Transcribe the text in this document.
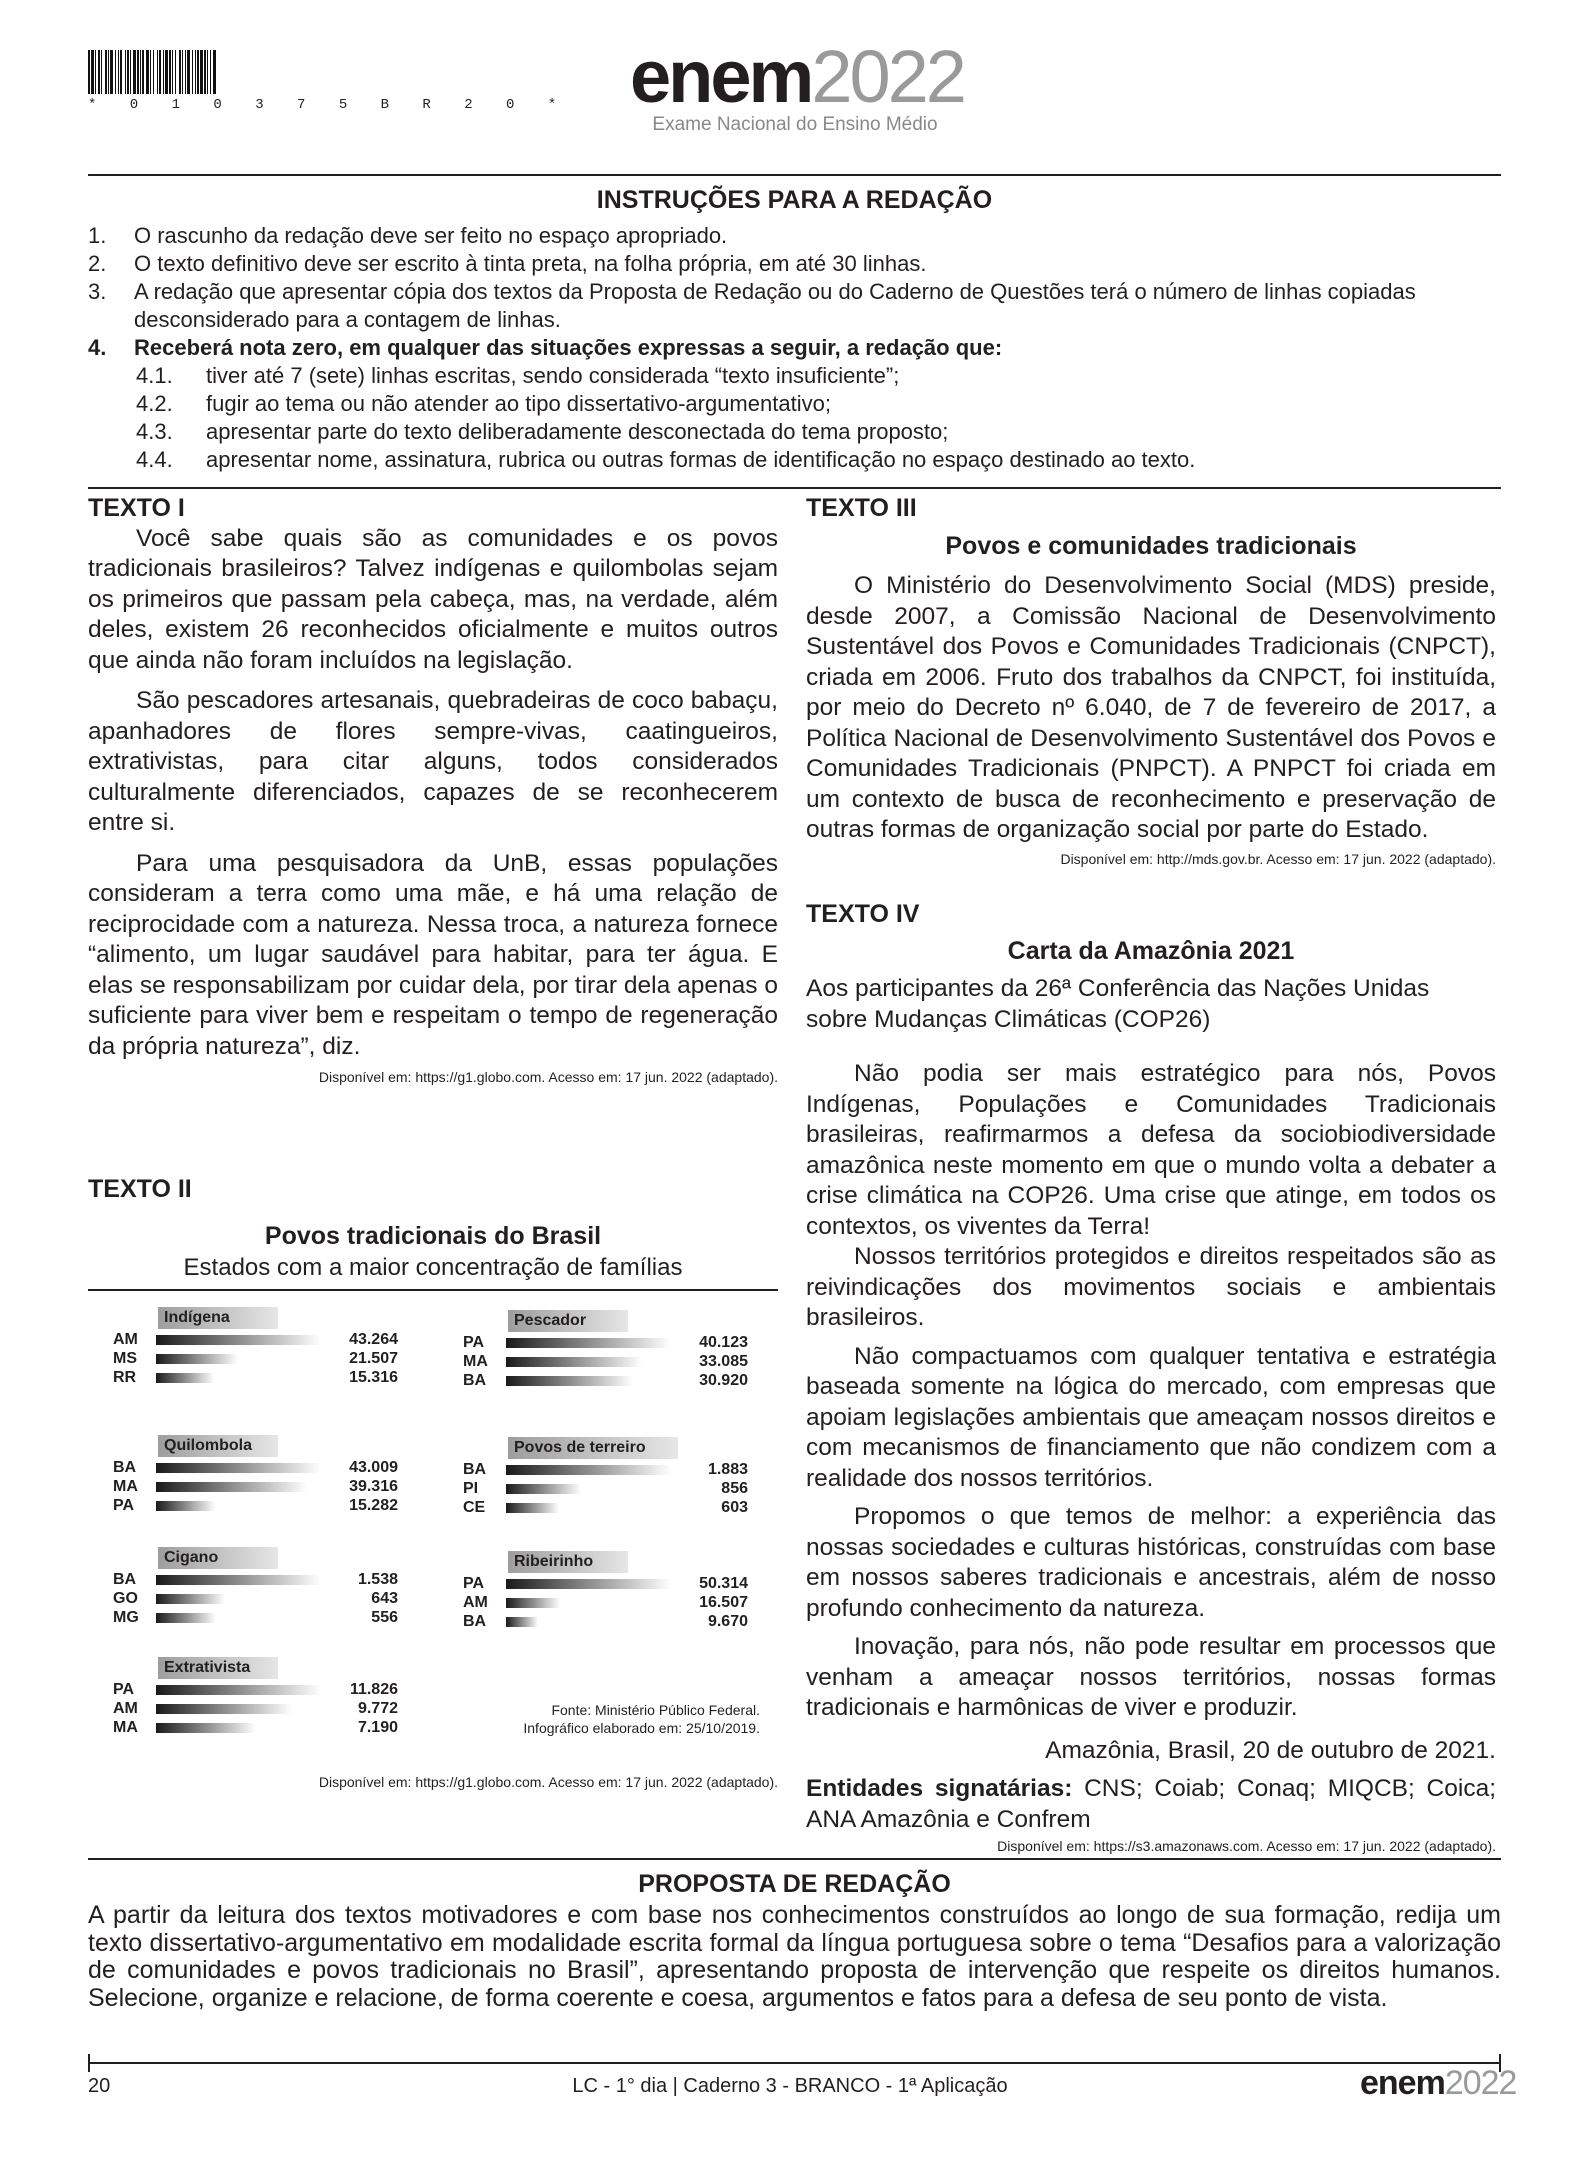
* 0 1 0 3 7 5 B R 2 0 * enem2022
Exame Nacional do Ensino Médio
INSTRUÇÕES PARA A REDAÇÃO
1.	O rascunho da redação deve ser feito no espaço apropriado.
2.	O texto definitivo deve ser escrito à tinta preta, na folha própria, em até 30 linhas.
3.	A redação que apresentar cópia dos textos da Proposta de Redação ou do Caderno de Questões terá o número de linhas copiadas desconsiderado para a contagem de linhas.
4.	Receberá nota zero, em qualquer das situações expressas a seguir, a redação que:
4.1.	tiver até 7 (sete) linhas escritas, sendo considerada “texto insuficiente”;
4.2.	fugir ao tema ou não atender ao tipo dissertativo-argumentativo;
4.3.	apresentar parte do texto deliberadamente desconectada do tema proposto;
4.4.	apresentar nome, assinatura, rubrica ou outras formas de identificação no espaço destinado ao texto.
TEXTO I

Você sabe quais são as comunidades e os povos tradicionais brasileiros? Talvez indígenas e quilombolas sejam os primeiros que passam pela cabeça, mas, na verdade, além deles, existem 26 reconhecidos oficialmente e muitos outros que ainda não foram incluídos na legislação.

São pescadores artesanais, quebradeiras de coco babaçu, apanhadores de flores sempre-vivas, caatingueiros, extrativistas, para citar alguns, todos considerados culturalmente diferenciados, capazes de se reconhecerem entre si.

Para uma pesquisadora da UnB, essas populações consideram a terra como uma mãe, e há uma relação de reciprocidade com a natureza. Nessa troca, a natureza fornece “alimento, um lugar saudável para habitar, para ter água. E elas se responsabilizam por cuidar dela, por tirar dela apenas o suficiente para viver bem e respeitam o tempo de regeneração da própria natureza”, diz.

Disponível em: https://g1.globo.com. Acesso em: 17 jun. 2022 (adaptado).
TEXTO II
Povos tradicionais do Brasil
Estados com a maior concentração de famílias
Indígena
AM	43.264
MS	21.507
RR	15.316
Quilombola
BA	43.009
MA	39.316
PA	15.282
Cigano
BA	1.538
GO	643
MG	556
Extrativista
PA	11.826
AM	9.772
MA	7.190
Pescador
PA	40.123
MA	33.085
BA	30.920
Povos de terreiro
BA	1.883
PI	856
CE	603
Ribeirinho
PA	50.314
AM	16.507
BA	9.670
Fonte: Ministério Público Federal.
Infográfico elaborado em: 25/10/2019.
Disponível em: https://g1.globo.com. Acesso em: 17 jun. 2022 (adaptado).
TEXTO III
Povos e comunidades tradicionais

O Ministério do Desenvolvimento Social (MDS) preside, desde 2007, a Comissão Nacional de Desenvolvimento Sustentável dos Povos e Comunidades Tradicionais (CNPCT), criada em 2006. Fruto dos trabalhos da CNPCT, foi instituída, por meio do Decreto nº 6.040, de 7 de fevereiro de 2017, a Política Nacional de Desenvolvimento Sustentável dos Povos e Comunidades Tradicionais (PNPCT). A PNPCT foi criada em um contexto de busca de reconhecimento e preservação de outras formas de organização social por parte do Estado.

Disponível em: http://mds.gov.br. Acesso em: 17 jun. 2022 (adaptado).
TEXTO IV
Carta da Amazônia 2021

Aos participantes da 26ª Conferência das Nações Unidas sobre Mudanças Climáticas (COP26)

Não podia ser mais estratégico para nós, Povos Indígenas, Populações e Comunidades Tradicionais brasileiras, reafirmarmos a defesa da sociobiodiversidade amazônica neste momento em que o mundo volta a debater a crise climática na COP26. Uma crise que atinge, em todos os contextos, os viventes da Terra!

Nossos territórios protegidos e direitos respeitados são as reivindicações dos movimentos sociais e ambientais brasileiros.

Não compactuamos com qualquer tentativa e estratégia baseada somente na lógica do mercado, com empresas que apoiam legislações ambientais que ameaçam nossos direitos e com mecanismos de financiamento que não condizem com a realidade dos nossos territórios.

Propomos o que temos de melhor: a experiência das nossas sociedades e culturas históricas, construídas com base em nossos saberes tradicionais e ancestrais, além de nosso profundo conhecimento da natureza.

Inovação, para nós, não pode resultar em processos que venham a ameaçar nossos territórios, nossas formas tradicionais e harmônicas de viver e produzir.

Amazônia, Brasil, 20 de outubro de 2021.

Entidades signatárias: CNS; Coiab; Conaq; MIQCB; Coica; ANA Amazônia e Confrem

Disponível em: https://s3.amazonaws.com. Acesso em: 17 jun. 2022 (adaptado).
PROPOSTA DE REDAÇÃO

A partir da leitura dos textos motivadores e com base nos conhecimentos construídos ao longo de sua formação, redija um texto dissertativo-argumentativo em modalidade escrita formal da língua portuguesa sobre o tema “Desafios para a valorização de comunidades e povos tradicionais no Brasil”, apresentando proposta de intervenção que respeite os direitos humanos. Selecione, organize e relacione, de forma coerente e coesa, argumentos e fatos para a defesa de seu ponto de vista.

20	LC - 1° dia | Caderno 3 - BRANCO - 1ª Aplicação	enem2022
